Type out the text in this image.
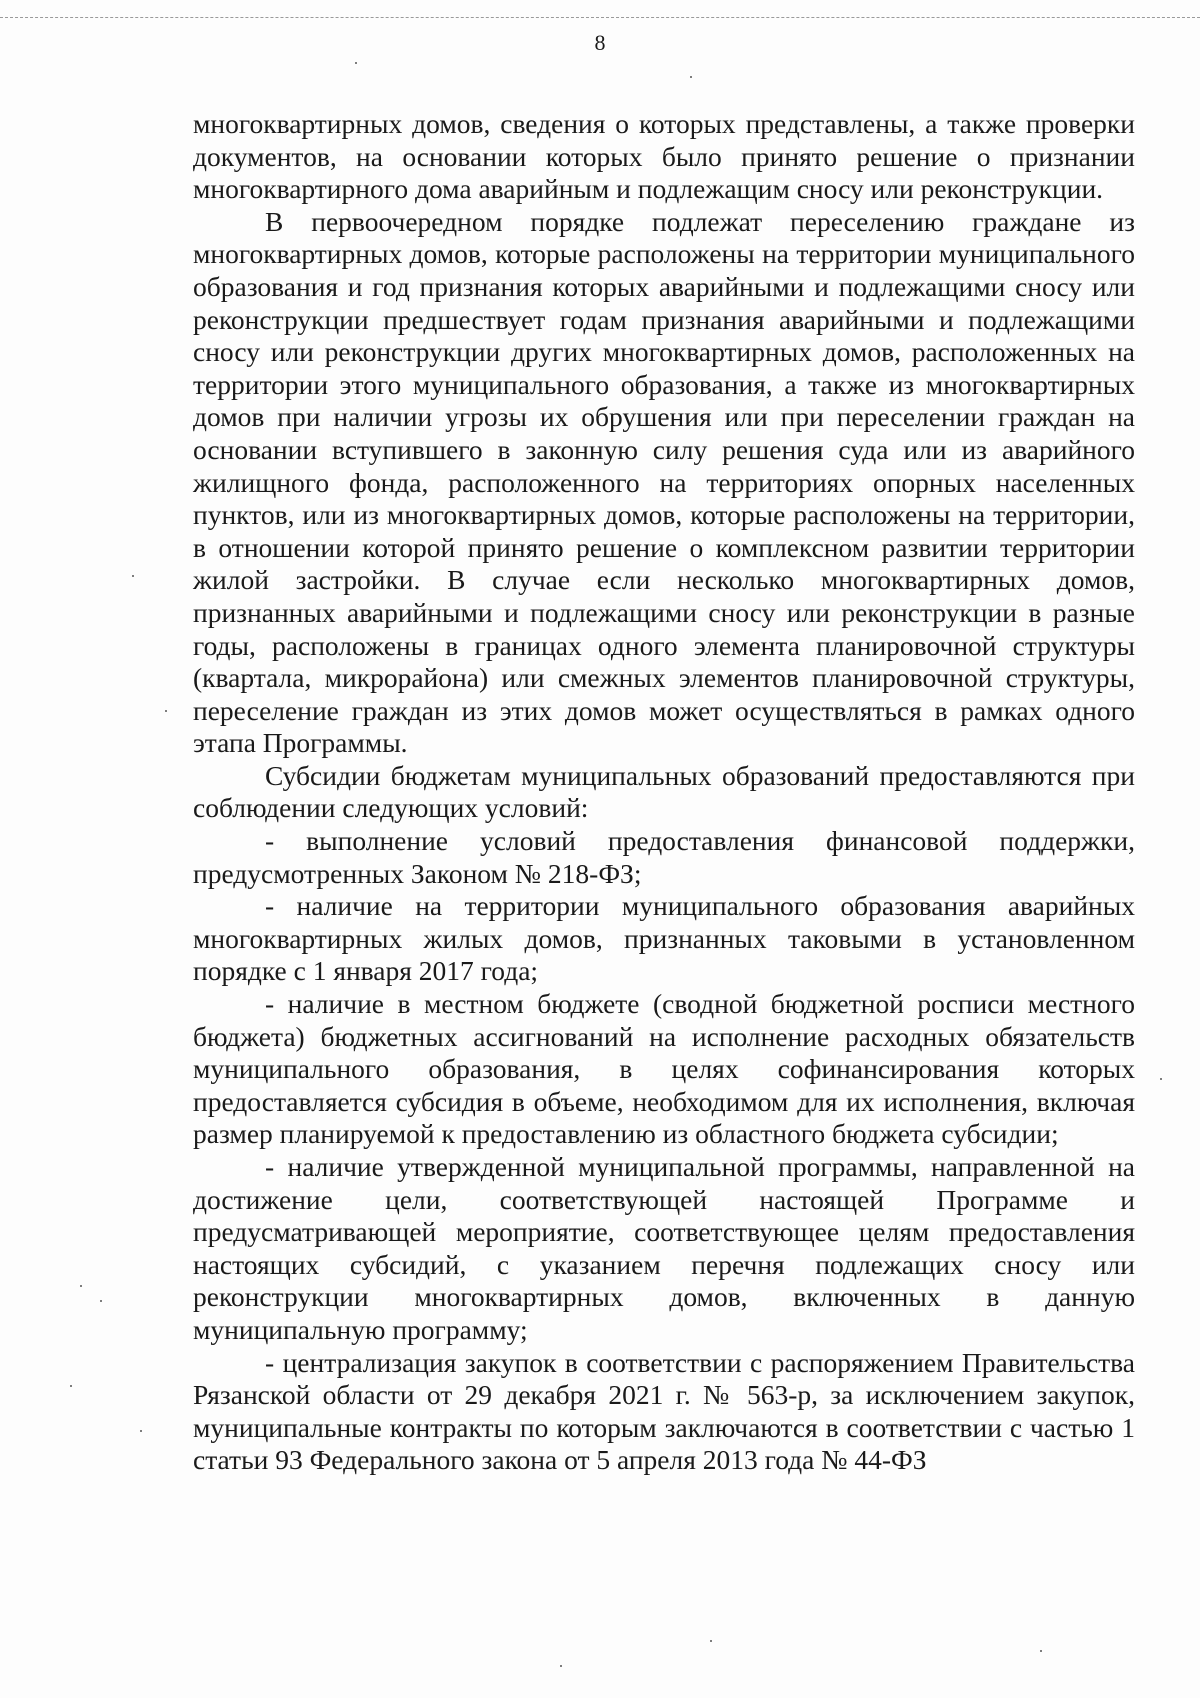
8

многоквартирных домов, сведения о которых представлены, а также проверки документов, на основании которых было принято решение о признании многоквартирного дома аварийным и подлежащим сносу или реконструкции.

В первоочередном порядке подлежат переселению граждане из многоквартирных домов, которые расположены на территории муниципального образования и год признания которых аварийными и подлежащими сносу или реконструкции предшествует годам признания аварийными и подлежащими сносу или реконструкции других многоквартирных домов, расположенных на территории этого муниципального образования, а также из многоквартирных домов при наличии угрозы их обрушения или при переселении граждан на основании вступившего в законную силу решения суда или из аварийного жилищного фонда, расположенного на территориях опорных населенных пунктов, или из многоквартирных домов, которые расположены на территории, в отношении которой принято решение о комплексном развитии территории жилой застройки. В случае если несколько многоквартирных домов, признанных аварийными и подлежащими сносу или реконструкции в разные годы, расположены в границах одного элемента планировочной структуры (квартала, микрорайона) или смежных элементов планировочной структуры, переселение граждан из этих домов может осуществляться в рамках одного этапа Программы.

Субсидии бюджетам муниципальных образований предоставляются при соблюдении следующих условий:

- выполнение условий предоставления финансовой поддержки, предусмотренных Законом № 218-ФЗ;

- наличие на территории муниципального образования аварийных многоквартирных жилых домов, признанных таковыми в установленном порядке с 1 января 2017 года;

- наличие в местном бюджете (сводной бюджетной росписи местного бюджета) бюджетных ассигнований на исполнение расходных обязательств муниципального образования, в целях софинансирования которых предоставляется субсидия в объеме, необходимом для их исполнения, включая размер планируемой к предоставлению из областного бюджета субсидии;

- наличие утвержденной муниципальной программы, направленной на достижение цели, соответствующей настоящей Программе и предусматривающей мероприятие, соответствующее целям предоставления настоящих субсидий, с указанием перечня подлежащих сносу или реконструкции многоквартирных домов, включенных в данную муниципальную программу;

- централизация закупок в соответствии с распоряжением Правительства Рязанской области от 29 декабря 2021 г. № 563-р, за исключением закупок, муниципальные контракты по которым заключаются в соответствии с частью 1 статьи 93 Федерального закона от 5 апреля 2013 года № 44-ФЗ
